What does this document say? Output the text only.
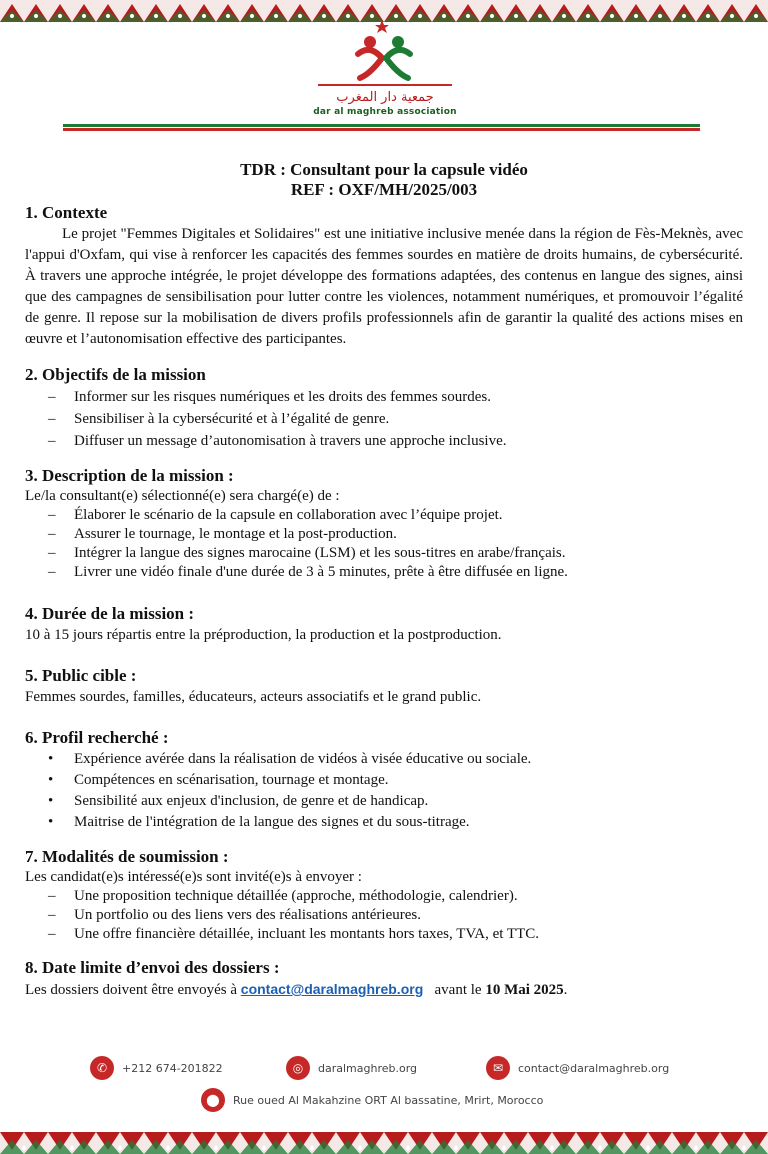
جمعية دار المغرب
dar al maghreb association
TDR : Consultant pour la capsule vidéo
REF : OXF/MH/2025/003
1. Contexte

Le projet "Femmes Digitales et Solidaires" est une initiative inclusive menée dans la région de Fès-Meknès, avec l'appui d'Oxfam, qui vise à renforcer les capacités des femmes sourdes en matière de droits humains, de cybersécurité. À travers une approche intégrée, le projet développe des formations adaptées, des contenus en langue des signes, ainsi que des campagnes de sensibilisation pour lutter contre les violences, notamment numériques, et promouvoir l’égalité de genre. Il repose sur la mobilisation de divers profils professionnels afin de garantir la qualité des actions mises en œuvre et l’autonomisation effective des participantes.

2. Objectifs de la mission
– Informer sur les risques numériques et les droits des femmes sourdes.
– Sensibiliser à la cybersécurité et à l’égalité de genre.
– Diffuser un message d’autonomisation à travers une approche inclusive.
3. Description de la mission :

Le/la consultant(e) sélectionné(e) sera chargé(e) de :

– Élaborer le scénario de la capsule en collaboration avec l’équipe projet.
– Assurer le tournage, le montage et la post-production.
– Intégrer la langue des signes marocaine (LSM) et les sous-titres en arabe/français.
– Livrer une vidéo finale d'une durée de 3 à 5 minutes, prête à être diffusée en ligne.
4. Durée de la mission :

10 à 15 jours répartis entre la préproduction, la production et la postproduction.

5. Public cible :

Femmes sourdes, familles, éducateurs, acteurs associatifs et le grand public.

6. Profil recherché :
• Expérience avérée dans la réalisation de vidéos à visée éducative ou sociale.
• Compétences en scénarisation, tournage et montage.
• Sensibilité aux enjeux d'inclusion, de genre et de handicap.
• Maitrise de l'intégration de la langue des signes et du sous-titrage.
7. Modalités de soumission :

Les candidat(e)s intéressé(e)s sont invité(e)s à envoyer :

– Une proposition technique détaillée (approche, méthodologie, calendrier).
– Un portfolio ou des liens vers des réalisations antérieures.
– Une offre financière détaillée, incluant les montants hors taxes, TVA, et TTC.
8. Date limite d’envoi des dossiers :

Les dossiers doivent être envoyés à contact@daralmaghreb.org avant le 10 Mai 2025.

✆	+212 674-201822	◎	daralmaghreb.org	✉	contact@daralmaghreb.org
⬤	Rue oued Al Makahzine ORT Al bassatine, Mrirt, Morocco
